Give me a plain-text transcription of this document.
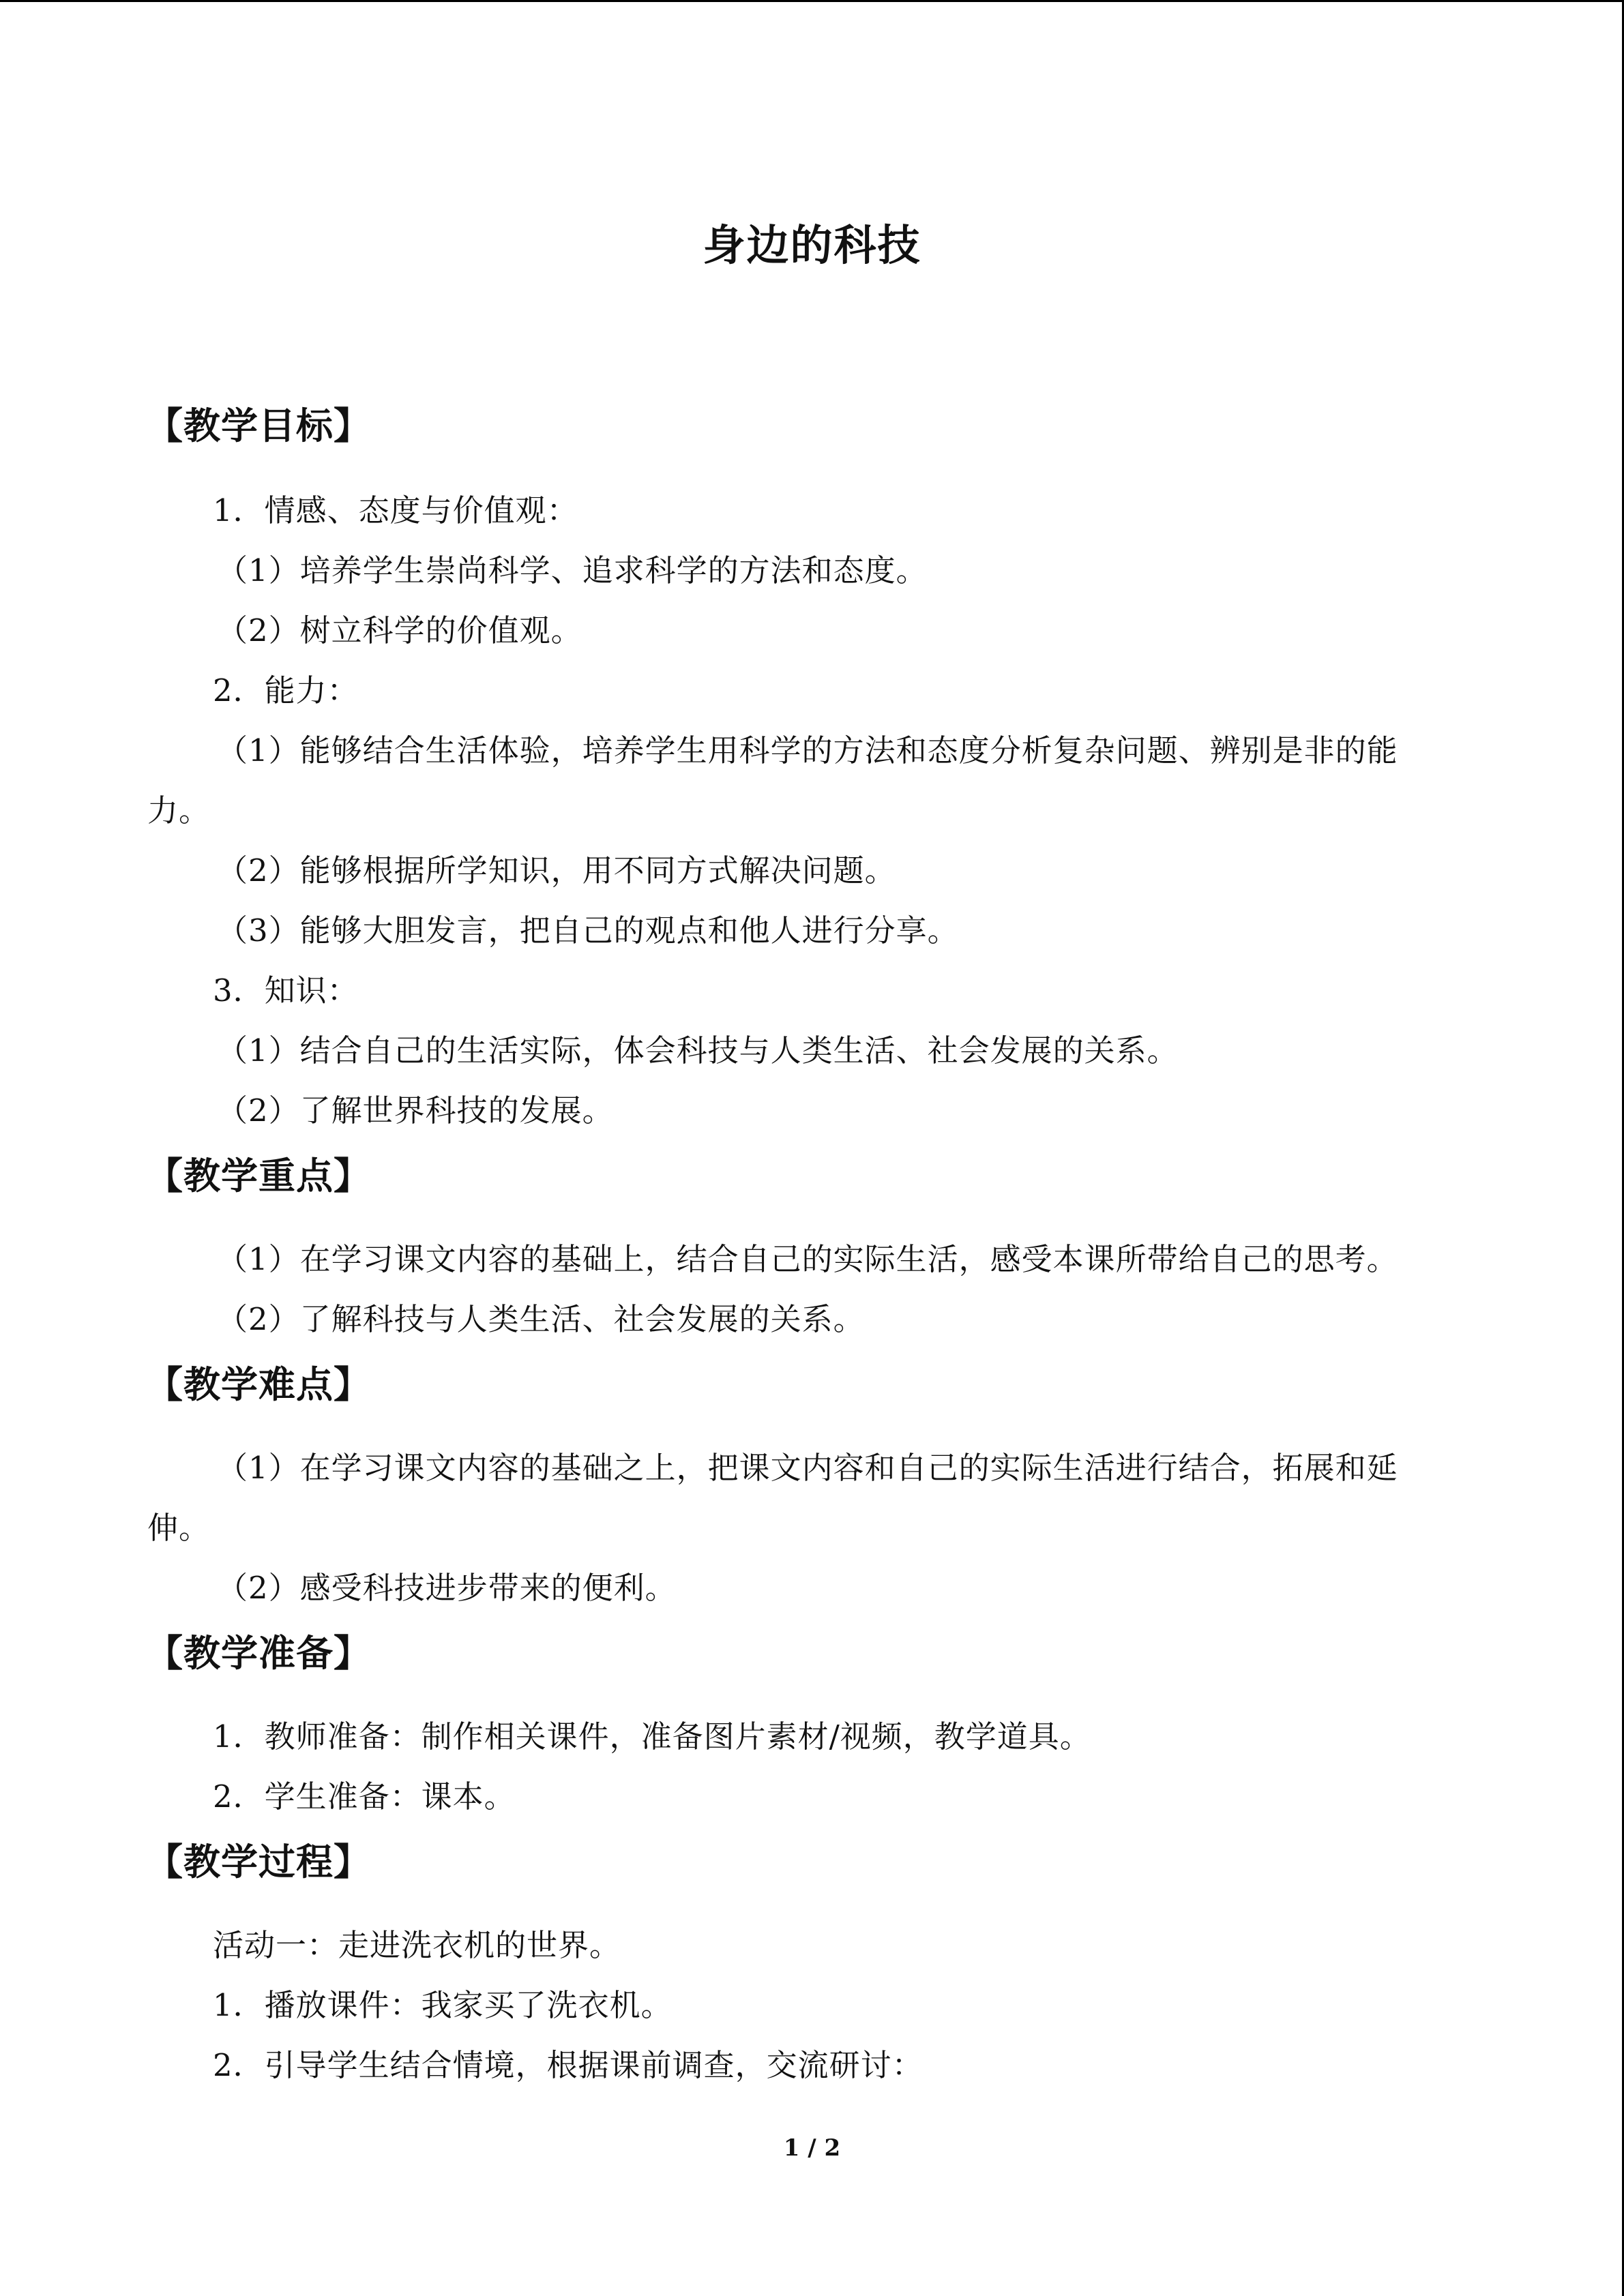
身边的科技
【教学目标】
1．情感、态度与价值观：
（1）培养学生崇尚科学、追求科学的方法和态度。
（2）树立科学的价值观。
2．能力：
（1）能够结合生活体验，培养学生用科学的方法和态度分析复杂问题、辨别是非的能
力。
（2）能够根据所学知识，用不同方式解决问题。
（3）能够大胆发言，把自己的观点和他人进行分享。
3．知识：
（1）结合自己的生活实际，体会科技与人类生活、社会发展的关系。
（2）了解世界科技的发展。
【教学重点】
（1）在学习课文内容的基础上，结合自己的实际生活，感受本课所带给自己的思考。
（2）了解科技与人类生活、社会发展的关系。
【教学难点】
（1）在学习课文内容的基础之上，把课文内容和自己的实际生活进行结合，拓展和延
伸。
（2）感受科技进步带来的便利。
【教学准备】
1．教师准备：制作相关课件，准备图片素材/视频，教学道具。
2．学生准备：课本。
【教学过程】
活动一：走进洗衣机的世界。
1．播放课件：我家买了洗衣机。
2．引导学生结合情境，根据课前调查，交流研讨：
1 / 2
